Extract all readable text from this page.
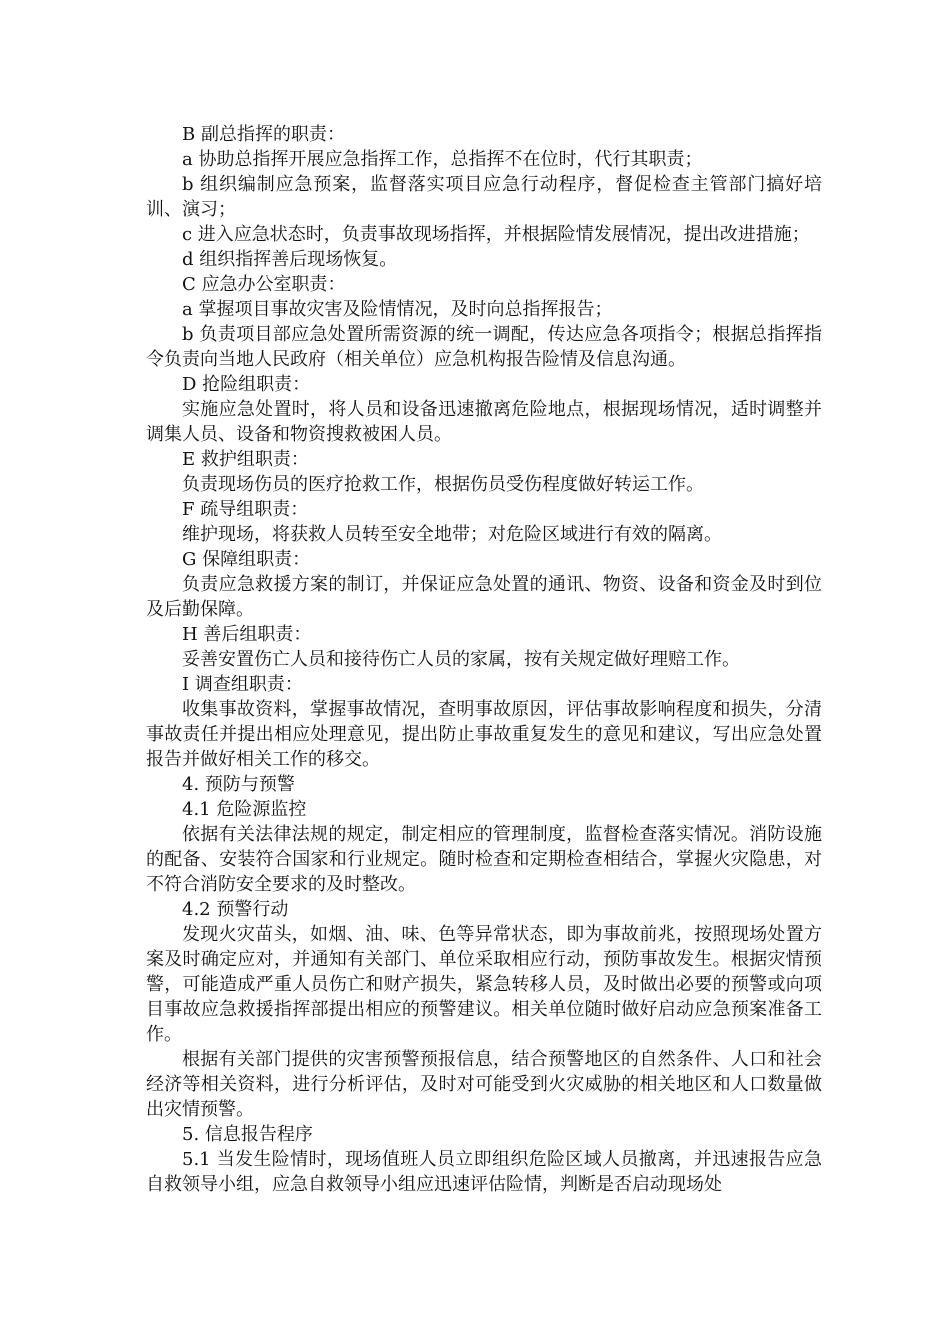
B 副总指挥的职责：

a 协助总指挥开展应急指挥工作，总指挥不在位时，代行其职责；

b 组织编制应急预案，监督落实项目应急行动程序，督促检查主管部门搞好培训、演习；

c 进入应急状态时，负责事故现场指挥，并根据险情发展情况，提出改进措施；

d 组织指挥善后现场恢复。

C 应急办公室职责：

a 掌握项目事故灾害及险情情况，及时向总指挥报告；

b 负责项目部应急处置所需资源的统一调配，传达应急各项指令；根据总指挥指令负责向当地人民政府（相关单位）应急机构报告险情及信息沟通。

D 抢险组职责：

实施应急处置时，将人员和设备迅速撤离危险地点，根据现场情况，适时调整并调集人员、设备和物资搜救被困人员。

E 救护组职责：

负责现场伤员的医疗抢救工作，根据伤员受伤程度做好转运工作。

F 疏导组职责：

维护现场，将获救人员转至安全地带；对危险区域进行有效的隔离。

G 保障组职责：

负责应急救援方案的制订，并保证应急处置的通讯、物资、设备和资金及时到位及后勤保障。

H 善后组职责：

妥善安置伤亡人员和接待伤亡人员的家属，按有关规定做好理赔工作。

I 调查组职责：

收集事故资料，掌握事故情况，查明事故原因，评估事故影响程度和损失，分清事故责任并提出相应处理意见，提出防止事故重复发生的意见和建议，写出应急处置报告并做好相关工作的移交。

4. 预防与预警

4.1 危险源监控

依据有关法律法规的规定，制定相应的管理制度，监督检查落实情况。消防设施的配备、安装符合国家和行业规定。随时检查和定期检查相结合，掌握火灾隐患，对不符合消防安全要求的及时整改。

4.2 预警行动

发现火灾苗头，如烟、油、味、色等异常状态，即为事故前兆，按照现场处置方案及时确定应对，并通知有关部门、单位采取相应行动，预防事故发生。根据灾情预警，可能造成严重人员伤亡和财产损失，紧急转移人员，及时做出必要的预警或向项目事故应急救援指挥部提出相应的预警建议。相关单位随时做好启动应急预案准备工作。

根据有关部门提供的灾害预警预报信息，结合预警地区的自然条件、人口和社会经济等相关资料，进行分析评估，及时对可能受到火灾威胁的相关地区和人口数量做出灾情预警。

5. 信息报告程序

5.1 当发生险情时，现场值班人员立即组织危险区域人员撤离，并迅速报告应急自救领导小组，应急自救领导小组应迅速评估险情，判断是否启动现场处
